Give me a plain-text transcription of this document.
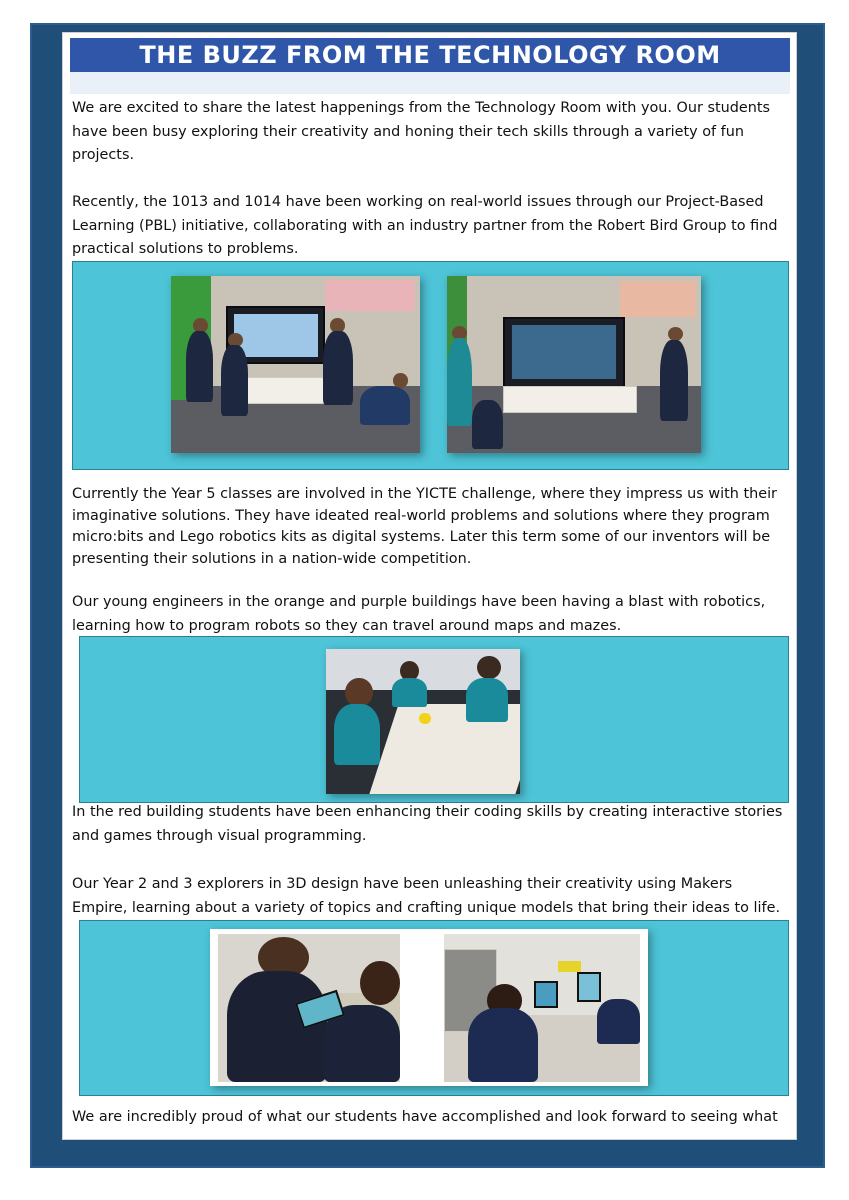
THE BUZZ FROM THE TECHNOLOGY ROOM

We are excited to share the latest happenings from the Technology Room with you. Our students have been busy exploring their creativity and honing their tech skills through a variety of fun projects.

Recently, the 1013 and 1014 have been working on real-world issues through our Project-Based Learning (PBL) initiative, collaborating with an industry partner from the Robert Bird Group to find practical solutions to problems.

Currently the Year 5 classes are involved in the YICTE challenge, where they impress us with their imaginative solutions. They have ideated real-world problems and solutions where they program micro:bits and Lego robotics kits as digital systems. Later this term some of our inventors will be presenting their solutions in a nation-wide competition.

Our young engineers in the orange and purple buildings have been having a blast with robotics, learning how to program robots so they can travel around maps and mazes.

In the red building students have been enhancing their coding skills by creating interactive stories and games through visual programming.

Our Year 2 and 3 explorers in 3D design have been unleashing their creativity using Makers Empire, learning about a variety of topics and crafting unique models that bring their ideas to life.

We are incredibly proud of what our students have accomplished and look forward to seeing what
